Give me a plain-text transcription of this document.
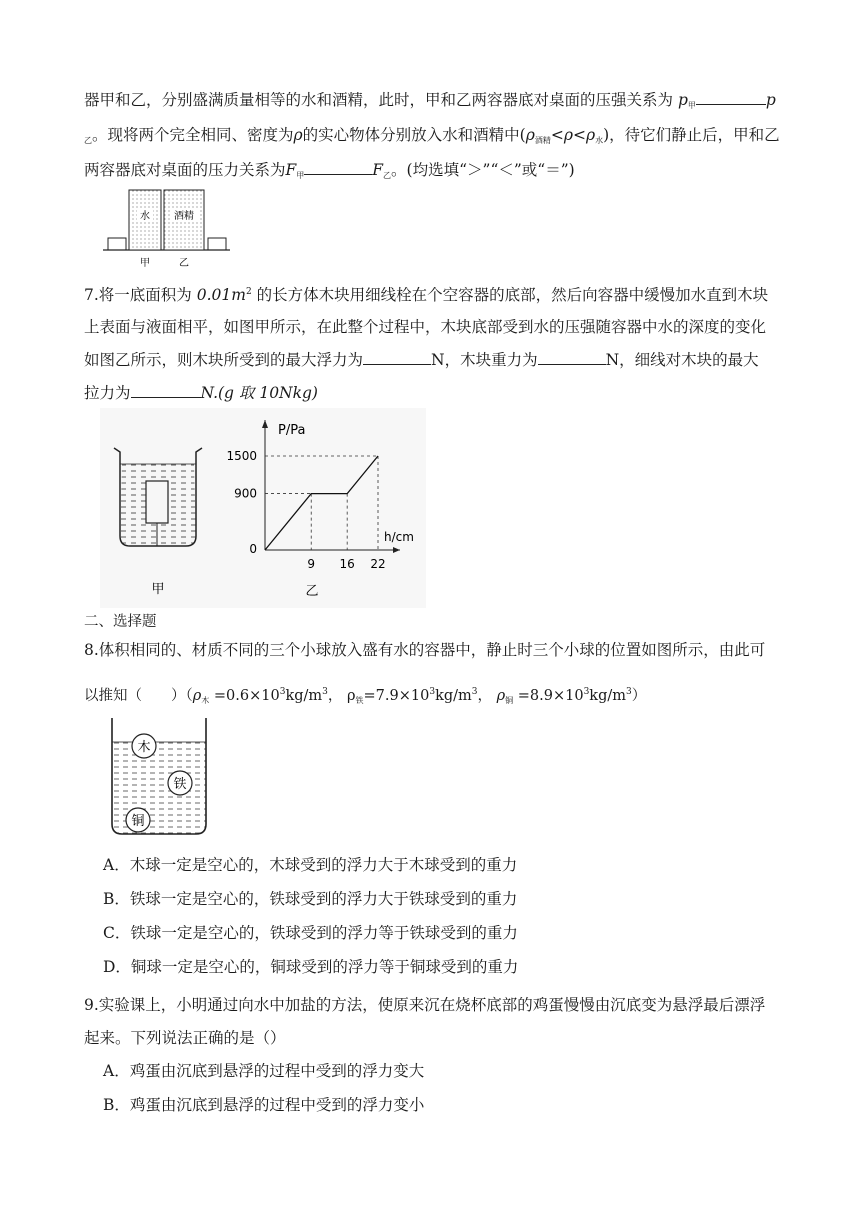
器甲和乙，分别盛满质量相等的水和酒精，此时，甲和乙两容器底对桌面的压强关系为 $p_甲$	p
$_乙$。现将两个完全相同、密度为ρ的实心物体分别放入水和酒精中$(\rho_{酒精}<\rho<\rho_水)$，待它们静止后，甲和乙
两容器底对桌面的压力关系为$F_甲$	$F_乙$。(均选填“＞”“＜”或“＝”)
水 酒精
甲	乙
7.将一底面积为 $0.01m^2$ 的长方体木块用细线栓在个空容器的底部，然后向容器中缓慢加水直到木块
上表面与液面相平，如图甲所示，在此整个过程中，木块底部受到水的压强随容器中水的深度的变化
如图乙所示，则木块所受到的最大浮力为	N，木块重力为	N，细线对木块的最大
拉力为	N.(g 取 10Nkg)
甲
P/Pa
h/cm
0
9 16 22
900
1500
乙
二、选择题
8.体积相同的、材质不同的三个小球放入盛有水的容器中，静止时三个小球的位置如图所示，由此可
以推知（　　）（$\rho_木 =0.6\times 10^3kg/m^3$， $\rho_铁=7.9\times 10^3kg/m^3$， $\rho_铜 =8.9\times 10^3kg/m^3$）
木
铁
铜
A．木球一定是空心的，木球受到的浮力大于木球受到的重力
B．铁球一定是空心的，铁球受到的浮力大于铁球受到的重力
C．铁球一定是空心的，铁球受到的浮力等于铁球受到的重力
D．铜球一定是空心的，铜球受到的浮力等于铜球受到的重力
9.实验课上，小明通过向水中加盐的方法，使原来沉在烧杯底部的鸡蛋慢慢由沉底变为悬浮最后漂浮
起来。下列说法正确的是（）
A．鸡蛋由沉底到悬浮的过程中受到的浮力变大
B．鸡蛋由沉底到悬浮的过程中受到的浮力变小
